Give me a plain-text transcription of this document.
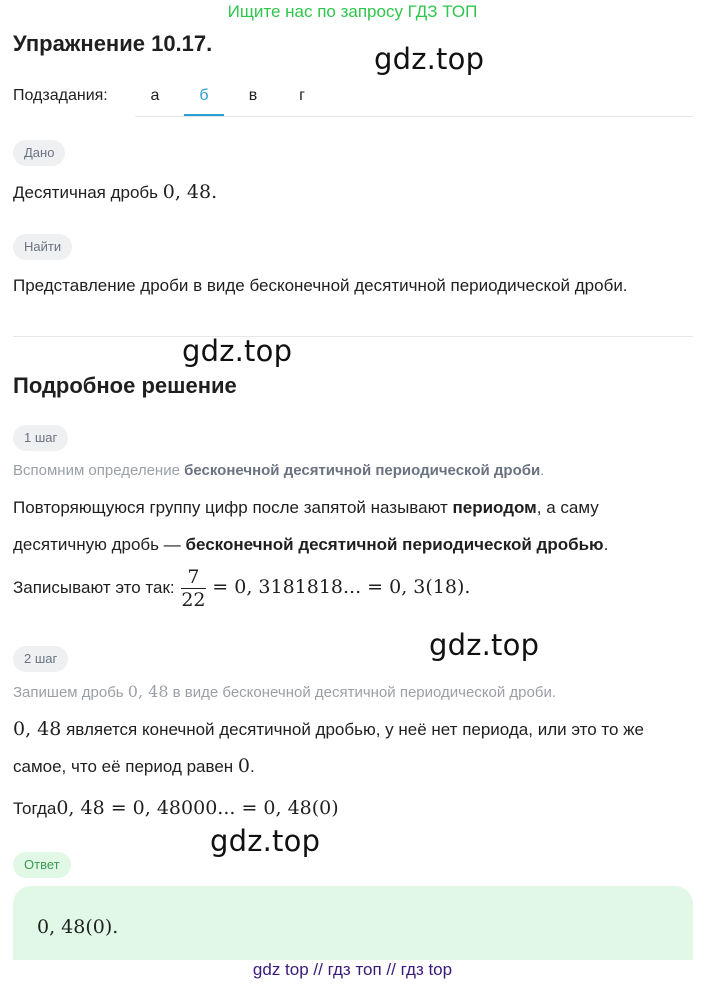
Ищите нас по запросу ГДЗ ТОП
Упражнение 10.17.	gdz.top
Подзадания:	а	б	в	г
Дано
Десятичная дробь 0, 48.
Найти
Представление дроби в виде бесконечной десятичной периодической дроби.
gdz.top
Подробное решение
1 шаг
Вспомним определение бесконечной десятичной периодической дроби.
Повторяющуюся группу цифр после запятой называют периодом, а саму
десятичную дробь — бесконечной десятичной периодической дробью.
Записывают это так: $\frac{7}{22} = 0$, 3181818... = 0, 3(18).
gdz.top
2 шаг
Запишем дробь 0, 48 в виде бесконечной десятичной периодической дроби.
0, 48 является конечной десятичной дробью, у неё нет периода, или это то же
самое, что её период равен 0.
Тогда0, 48 = 0, 48000... = 0, 48(0)
gdz.top
Ответ
0, 48(0).
gdz top // гдз топ // гдз top
